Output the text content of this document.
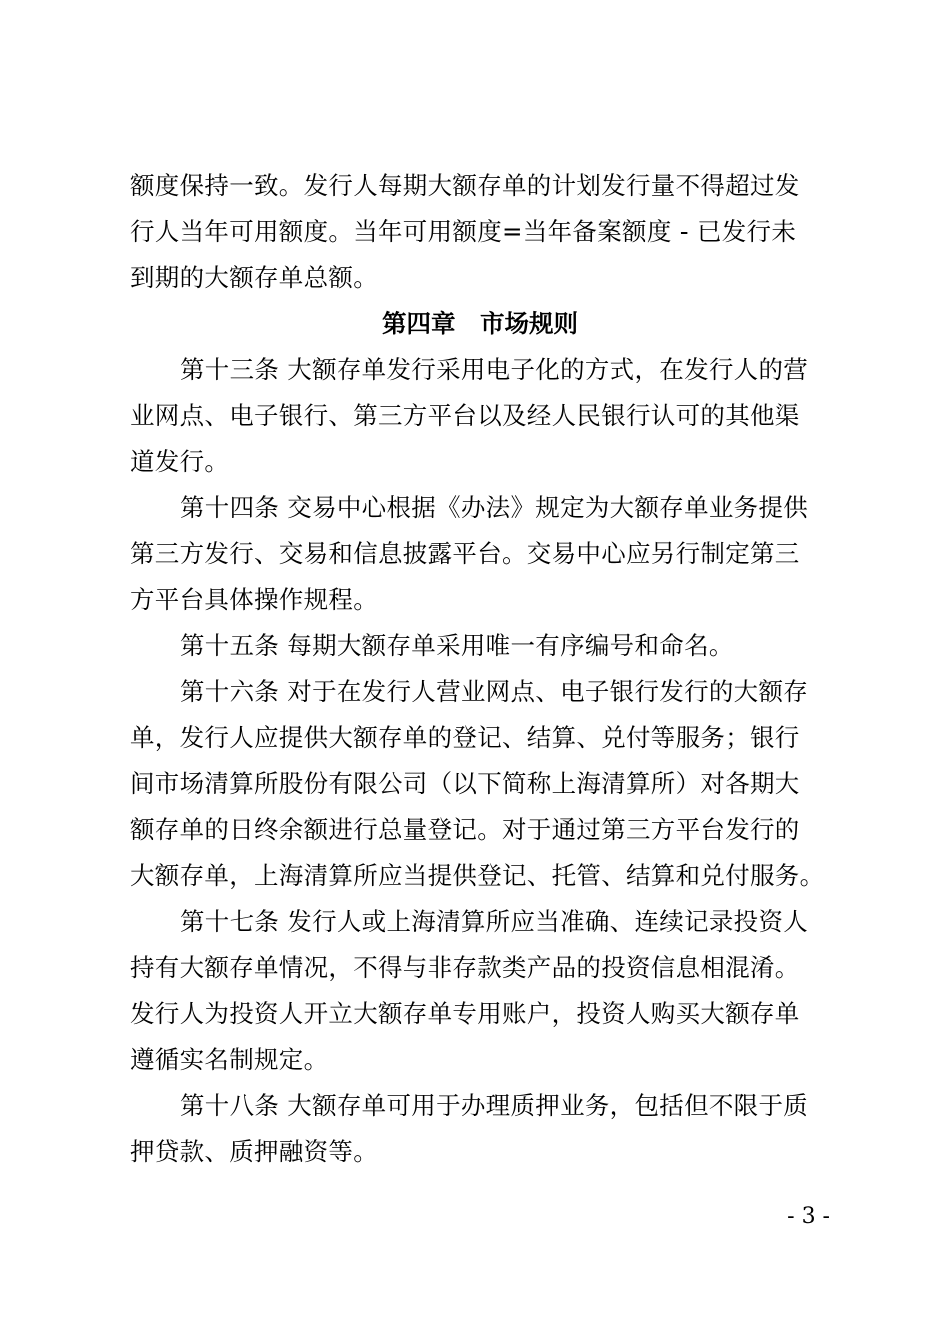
额度保持一致。发行人每期大额存单的计划发行量不得超过发
行人当年可用额度。当年可用额度=当年备案额度 - 已发行未
到期的大额存单总额。
第四章　市场规则
第十三条 大额存单发行采用电子化的方式，在发行人的营
业网点、电子银行、第三方平台以及经人民银行认可的其他渠
道发行。
第十四条 交易中心根据《办法》规定为大额存单业务提供
第三方发行、交易和信息披露平台。交易中心应另行制定第三
方平台具体操作规程。
第十五条 每期大额存单采用唯一有序编号和命名。
第十六条 对于在发行人营业网点、电子银行发行的大额存
单，发行人应提供大额存单的登记、结算、兑付等服务；银行
间市场清算所股份有限公司（以下简称上海清算所）对各期大
额存单的日终余额进行总量登记。对于通过第三方平台发行的
大额存单，上海清算所应当提供登记、托管、结算和兑付服务。
第十七条 发行人或上海清算所应当准确、连续记录投资人
持有大额存单情况，不得与非存款类产品的投资信息相混淆。
发行人为投资人开立大额存单专用账户，投资人购买大额存单
遵循实名制规定。
第十八条 大额存单可用于办理质押业务，包括但不限于质
押贷款、质押融资等。
- 3 -
